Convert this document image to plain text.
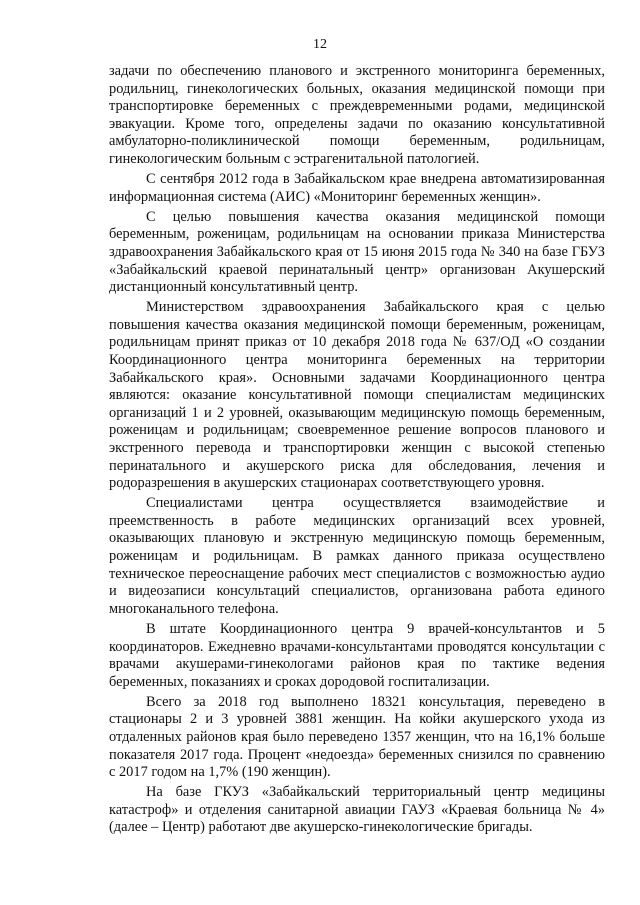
12

задачи по обеспечению планового и экстренного мониторинга беременных, родильниц, гинекологических больных, оказания медицинской помощи при транспортировке беременных с преждевременными родами, медицинской эвакуации. Кроме того, определены задачи по оказанию консультативной амбулаторно-поликлинической помощи беременным, родильницам, гинекологическим больным с эстрагенитальной патологией.

С сентября 2012 года в Забайкальском крае внедрена автоматизированная информационная система (АИС) «Мониторинг беременных женщин».

С целью повышения качества оказания медицинской помощи беременным, роженицам, родильницам на основании приказа Министерства здравоохранения Забайкальского края от 15 июня 2015 года № 340 на базе ГБУЗ «Забайкальский краевой перинатальный центр» организован Акушерский дистанционный консультативный центр.

Министерством здравоохранения Забайкальского края с целью повышения качества оказания медицинской помощи беременным, роженицам, родильницам принят приказ от 10 декабря 2018 года № 637/ОД «О создании Координационного центра мониторинга беременных на территории Забайкальского края». Основными задачами Координационного центра являются: оказание консультативной помощи специалистам медицинских организаций 1 и 2 уровней, оказывающим медицинскую помощь беременным, роженицам и родильницам; своевременное решение вопросов планового и экстренного перевода и транспортировки женщин с высокой степенью перинатального и акушерского риска для обследования, лечения и родоразрешения в акушерских стационарах соответствующего уровня.

Специалистами центра осуществляется взаимодействие и преемственность в работе медицинских организаций всех уровней, оказывающих плановую и экстренную медицинскую помощь беременным, роженицам и родильницам. В рамках данного приказа осуществлено техническое переоснащение рабочих мест специалистов с возможностью аудио и видеозаписи консультаций специалистов, организована работа единого многоканального телефона.

В штате Координационного центра 9 врачей-консультантов и 5 координаторов. Ежедневно врачами-консультантами проводятся консультации с врачами акушерами-гинекологами районов края по тактике ведения беременных, показаниях и сроках дородовой госпитализации.

Всего за 2018 год выполнено 18321 консультация, переведено в стационары 2 и 3 уровней 3881 женщин. На койки акушерского ухода из отдаленных районов края было переведено 1357 женщин, что на 16,1% больше показателя 2017 года. Процент «недоезда» беременных снизился по сравнению с 2017 годом на 1,7% (190 женщин).

На базе ГКУЗ «Забайкальский территориальный центр медицины катастроф» и отделения санитарной авиации ГАУЗ «Краевая больница № 4» (далее – Центр) работают две акушерско-гинекологические бригады.
